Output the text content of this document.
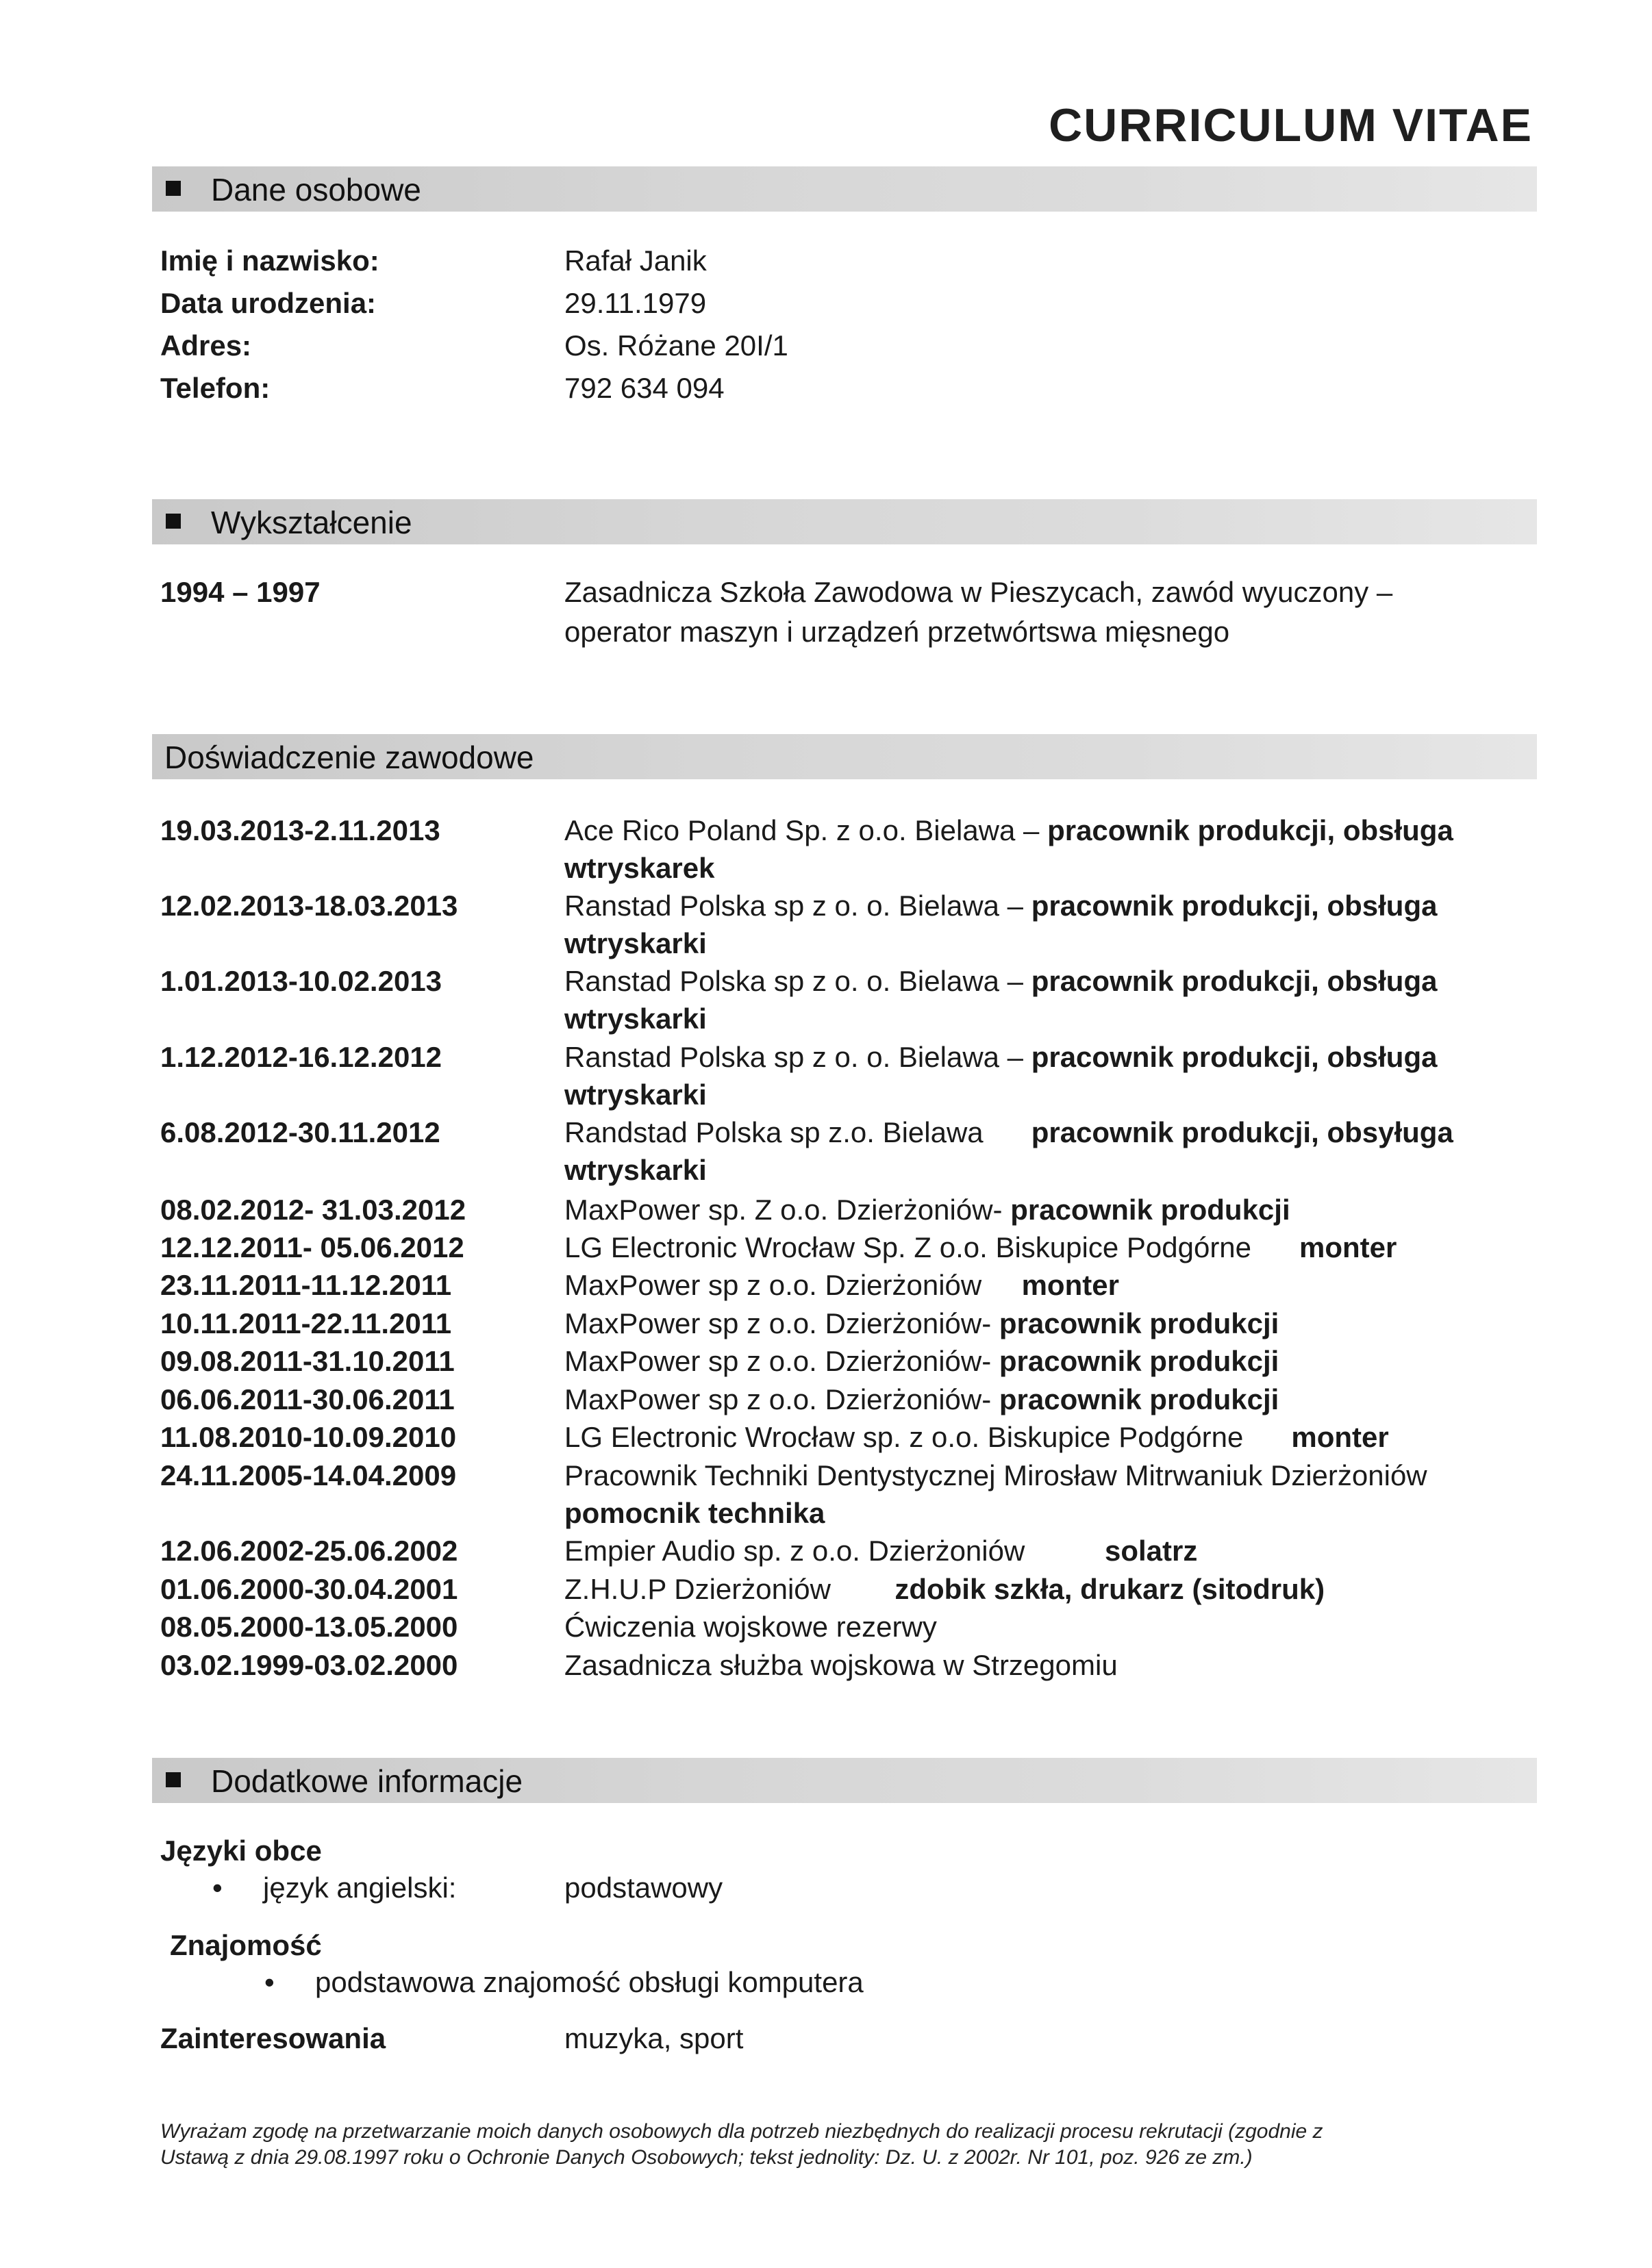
CURRICULUM VITAE
Dane osobowe
Imię i nazwisko:	Rafał Janik
Data urodzenia:	29.11.1979
Adres:	Os. Różane 20I/1
Telefon:	792 634 094
Wykształcenie
1994 – 1997	Zasadnicza Szkoła Zawodowa w Pieszycach, zawód wyuczony –
operator maszyn i urządzeń przetwórtswa mięsnego
Doświadczenie zawodowe
19.03.2013-2.11.2013	Ace Rico Poland Sp. z o.o. Bielawa – pracownik produkcji, obsługa
wtryskarek
12.02.2013-18.03.2013	Ranstad Polska sp z o. o. Bielawa – pracownik produkcji, obsługa
wtryskarki
1.01.2013-10.02.2013	Ranstad Polska sp z o. o. Bielawa – pracownik produkcji, obsługa
wtryskarki
1.12.2012-16.12.2012	Ranstad Polska sp z o. o. Bielawa – pracownik produkcji, obsługa
wtryskarki
6.08.2012-30.11.2012	Randstad Polska sp z.o. Bielawa      pracownik produkcji, obsyługa
wtryskarki
08.02.2012- 31.03.2012	MaxPower sp. Z o.o. Dzierżoniów- pracownik produkcji
12.12.2011- 05.06.2012	LG Electronic Wrocław Sp. Z o.o. Biskupice Podgórne      monter
23.11.2011-11.12.2011	MaxPower sp z o.o. Dzierżoniów     monter
10.11.2011-22.11.2011	MaxPower sp z o.o. Dzierżoniów- pracownik produkcji
09.08.2011-31.10.2011	MaxPower sp z o.o. Dzierżoniów- pracownik produkcji
06.06.2011-30.06.2011	MaxPower sp z o.o. Dzierżoniów- pracownik produkcji
11.08.2010-10.09.2010	LG Electronic Wrocław sp. z o.o. Biskupice Podgórne      monter
24.11.2005-14.04.2009	Pracownik Techniki Dentystycznej Mirosław Mitrwaniuk Dzierżoniów
pomocnik technika
12.06.2002-25.06.2002	Empier Audio sp. z o.o. Dzierżoniów          solatrz
01.06.2000-30.04.2001	Z.H.U.P Dzierżoniów        zdobik szkła, drukarz (sitodruk)
08.05.2000-13.05.2000	Ćwiczenia wojskowe rezerwy
03.02.1999-03.02.2000	Zasadnicza służba wojskowa w Strzegomiu
Dodatkowe informacje
Języki obce
• język angielski:	podstawowy
Znajomość
• podstawowa znajomość obsługi komputera
Zainteresowania	muzyka, sport
Wyrażam zgodę na przetwarzanie moich danych osobowych dla potrzeb niezbędnych do realizacji procesu rekrutacji (zgodnie z
Ustawą z dnia 29.08.1997 roku o Ochronie Danych Osobowych; tekst jednolity: Dz. U. z 2002r. Nr 101, poz. 926 ze zm.)
